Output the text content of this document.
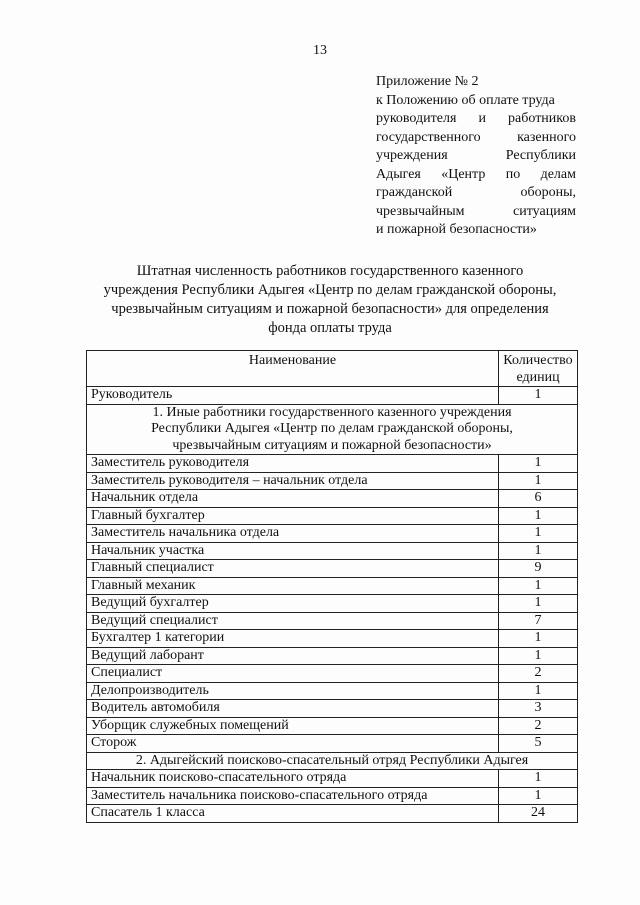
13
Приложение № 2
к Положению об оплате труда
руководителя и работников
государственного казенного
учреждения Республики
Адыгея «Центр по делам
гражданской обороны,
чрезвычайным ситуациям
и пожарной безопасности»
Штатная численность работников государственного казенного
учреждения Республики Адыгея «Центр по делам гражданской обороны,
чрезвычайным ситуациям и пожарной безопасности» для определения
фонда оплаты труда
Наименование	Количество
единиц
Руководитель	1

1. Иные работники государственного казенного учреждения
Республики Адыгея «Центр по делам гражданской обороны,
чрезвычайным ситуациям и пожарной безопасности»	

Заместитель руководителя	1
Заместитель руководителя – начальник отдела	1
Начальник отдела	6
Главный бухгалтер	1
Заместитель начальника отдела	1
Начальник участка	1
Главный специалист	9
Главный механик	1
Ведущий бухгалтер	1
Ведущий специалист	7
Бухгалтер 1 категории	1
Ведущий лаборант	1
Специалист	2
Делопроизводитель	1
Водитель автомобиля	3
Уборщик служебных помещений	2
Сторож	5
2. Адыгейский поисково-спасательный отряд Республики Адыгея	
Начальник поисково-спасательного отряда	1
Заместитель начальника поисково-спасательного отряда	1
Спасатель 1 класса	24
